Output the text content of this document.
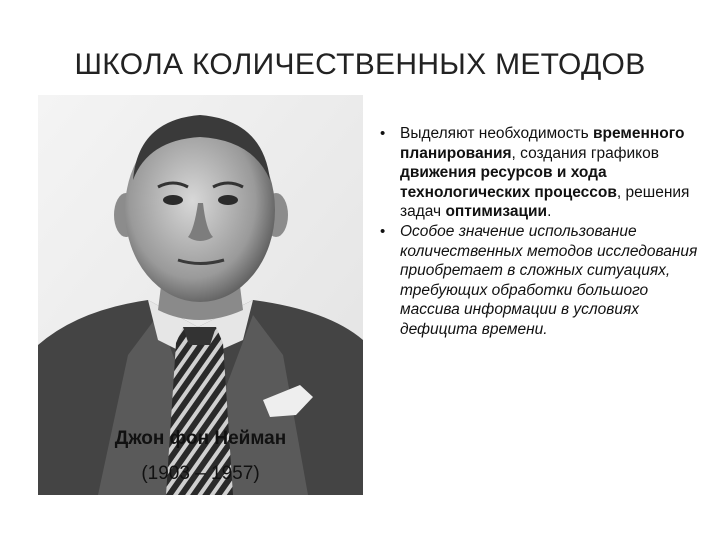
ШКОЛА КОЛИЧЕСТВЕННЫХ МЕТОДОВ
Джон фон Нейман
(1903 – 1957)
• Выделяют необходимость временного планирования, создания графиков движения ресурсов и хода технологических процессов, решения задач оптимизации.
• Особое значение использование количественных методов исследования приобретает в сложных ситуациях, требующих обработки большого массива информации в условиях дефицита времени.
